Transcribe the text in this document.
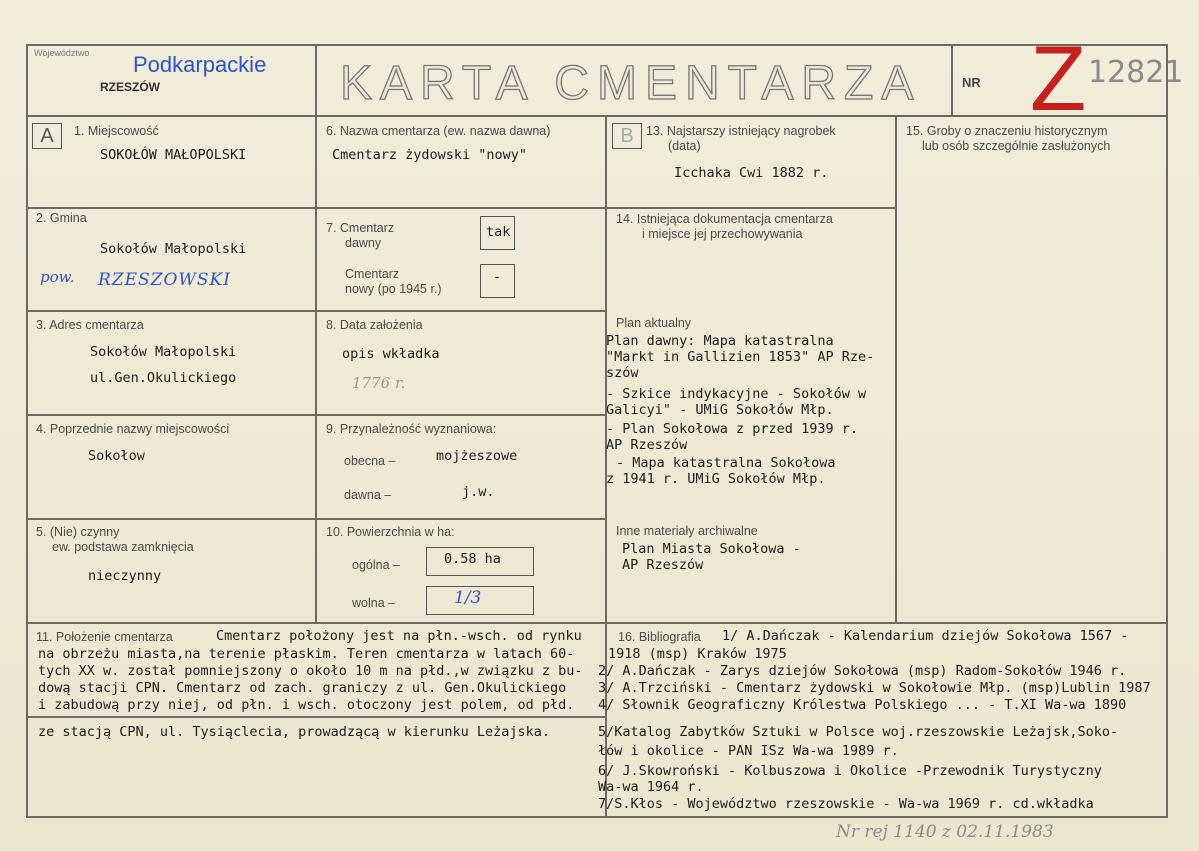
Województwo Podkarpackie
RZESZÓW	KARTA CMENTARZA	NR Z 12821
A	B
1. Miejscowość
SOKOŁÓW MAŁOPOLSKI
2. Gmina
Sokołów Małopolski
pow. RZESZOWSKI
3. Adres cmentarza
Sokołów Małopolski
ul.Gen.Okulickiego
4. Poprzednie nazwy miejscowości
Sokołow
5. (Nie) czynny
ew. podstawa zamknięcia
nieczynny
6. Nazwa cmentarza (ew. nazwa dawna)
Cmentarz żydowski "nowy"
7. Cmentarz
dawny
tak
Cmentarz
nowy (po 1945 r.)
-
8. Data założenia
opis wkładka
1776 r.
9. Przynależność wyznaniowa:
obecna –	mojżeszowe
dawna –	j.w.
10. Powierzchnia w ha:
ogólna –	0.58 ha
wolna –	1/3
13. Najstarszy istniejący nagrobek
(data)
Icchaka Cwi 1882 r.
14. Istniejąca dokumentacja cmentarza
i miejsce jej przechowywania
Plan aktualny
Plan dawny: Mapa katastralna
"Markt in Gallizien 1853" AP Rze-
szów
- Szkice indykacyjne - Sokołów w
Galicyi" - UMiG Sokołów Młp.
- Plan Sokołowa z przed 1939 r.
AP Rzeszów
- Mapa katastralna Sokołowa
z 1941 r. UMiG Sokołów Młp.
Inne materiały archiwalne
Plan Miasta Sokołowa -
AP Rzeszów
15. Groby o znaczeniu historycznym
lub osób szczególnie zasłużonych
11. Położenie cmentarza	Cmentarz położony jest na płn.-wsch. od rynku
na obrzeżu miasta,na terenie płaskim. Teren cmentarza w latach 60-
tych XX w. został pomniejszony o około 10 m na płd.,w związku z bu-
dową stacji CPN. Cmentarz od zach. graniczy z ul. Gen.Okulickiego
i zabudową przy niej, od płn. i wsch. otoczony jest polem, od płd.
ze stacją CPN, ul. Tysiąclecia, prowadzącą w kierunku Leżajska.
16. Bibliografia 1/ A.Dańczak - Kalendarium dziejów Sokołowa 1567 -
1918 (msp) Kraków 1975
2/ A.Dańczak - Zarys dziejów Sokołowa (msp) Radom-Sokołów 1946 r.
3/ A.Trzciński - Cmentarz żydowski w Sokołowie Młp. (msp)Lublin 1987
4/ Słownik Geograficzny Królestwa Polskiego ... - T.XI Wa-wa 1890
5/Katalog Zabytków Sztuki w Polsce woj.rzeszowskie Leżajsk,Soko-
łów i okolice - PAN ISz Wa-wa 1989 r.
6/ J.Skowroński - Kolbuszowa i Okolice -Przewodnik Turystyczny
Wa-wa 1964 r.
7/S.Kłos - Województwo rzeszowskie - Wa-wa 1969 r. cd.wkładka
Nr rej 1140 z 02.11.1983
